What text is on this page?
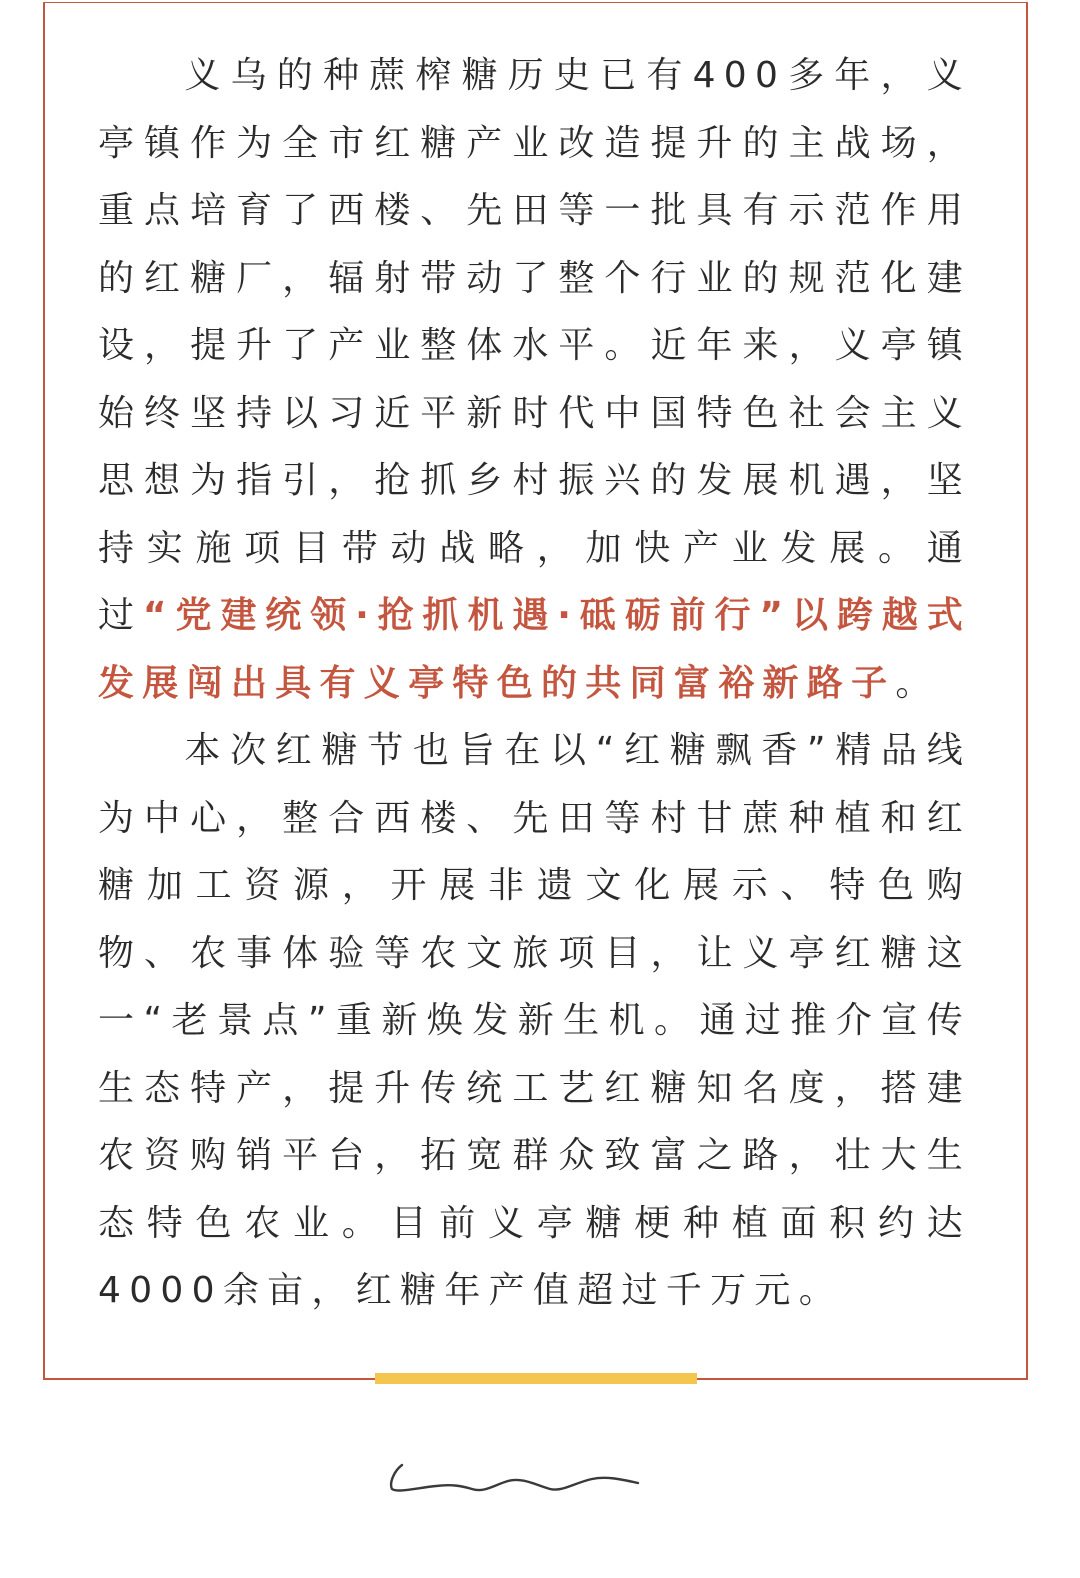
义乌的种蔗榨糖历史已有400多年，义亭镇作为全市红糖产业改造提升的主战场，重点培育了西楼、先田等一批具有示范作用的红糖厂，辐射带动了整个行业的规范化建设，提升了产业整体水平。近年来，义亭镇始终坚持以习近平新时代中国特色社会主义思想为指引，抢抓乡村振兴的发展机遇，坚持实施项目带动战略，加快产业发展。通过“党建统领·抢抓机遇·砥砺前行”以跨越式发展闯出具有义亭特色的共同富裕新路子。

本次红糖节也旨在以“红糖飘香”精品线为中心，整合西楼、先田等村甘蔗种植和红糖加工资源，开展非遗文化展示、特色购物、农事体验等农文旅项目，让义亭红糖这一“老景点”重新焕发新生机。通过推介宣传生态特产，提升传统工艺红糖知名度，搭建农资购销平台，拓宽群众致富之路，壮大生态特色农业。目前义亭糖梗种植面积约达4000余亩，红糖年产值超过千万元。
